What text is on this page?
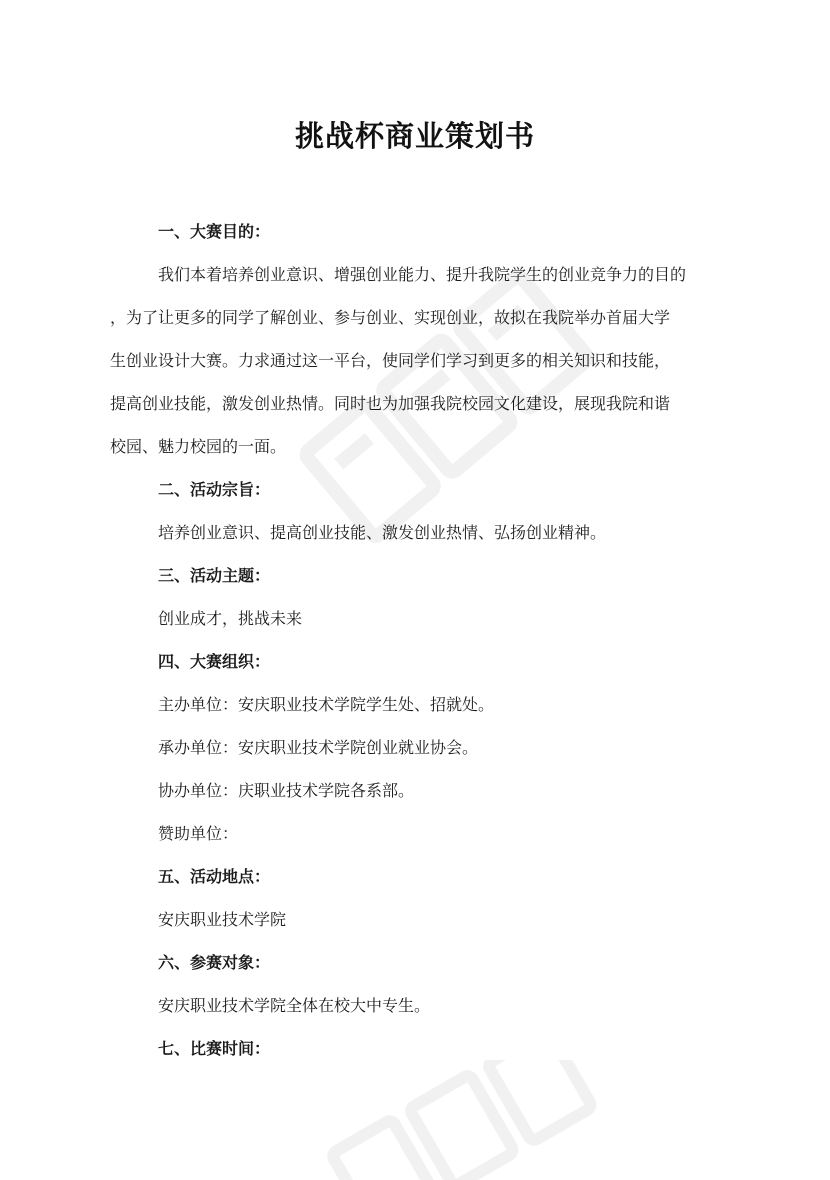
挑战杯商业策划书

一、大赛目的：

我们本着培养创业意识、增强创业能力、提升我院学生的创业竞争力的目的
，为了让更多的同学了解创业、参与创业、实现创业，故拟在我院举办首届大学
生创业设计大赛。力求通过这一平台，使同学们学习到更多的相关知识和技能，
提高创业技能，激发创业热情。同时也为加强我院校园文化建设，展现我院和谐
校园、魅力校园的一面。

二、活动宗旨：

培养创业意识、提高创业技能、激发创业热情、弘扬创业精神。

三、活动主题：

创业成才，挑战未来

四、大赛组织：

主办单位：安庆职业技术学院学生处、招就处。

承办单位：安庆职业技术学院创业就业协会。

协办单位：庆职业技术学院各系部。

赞助单位：

五、活动地点：

安庆职业技术学院

六、参赛对象：

安庆职业技术学院全体在校大中专生。

七、比赛时间：
